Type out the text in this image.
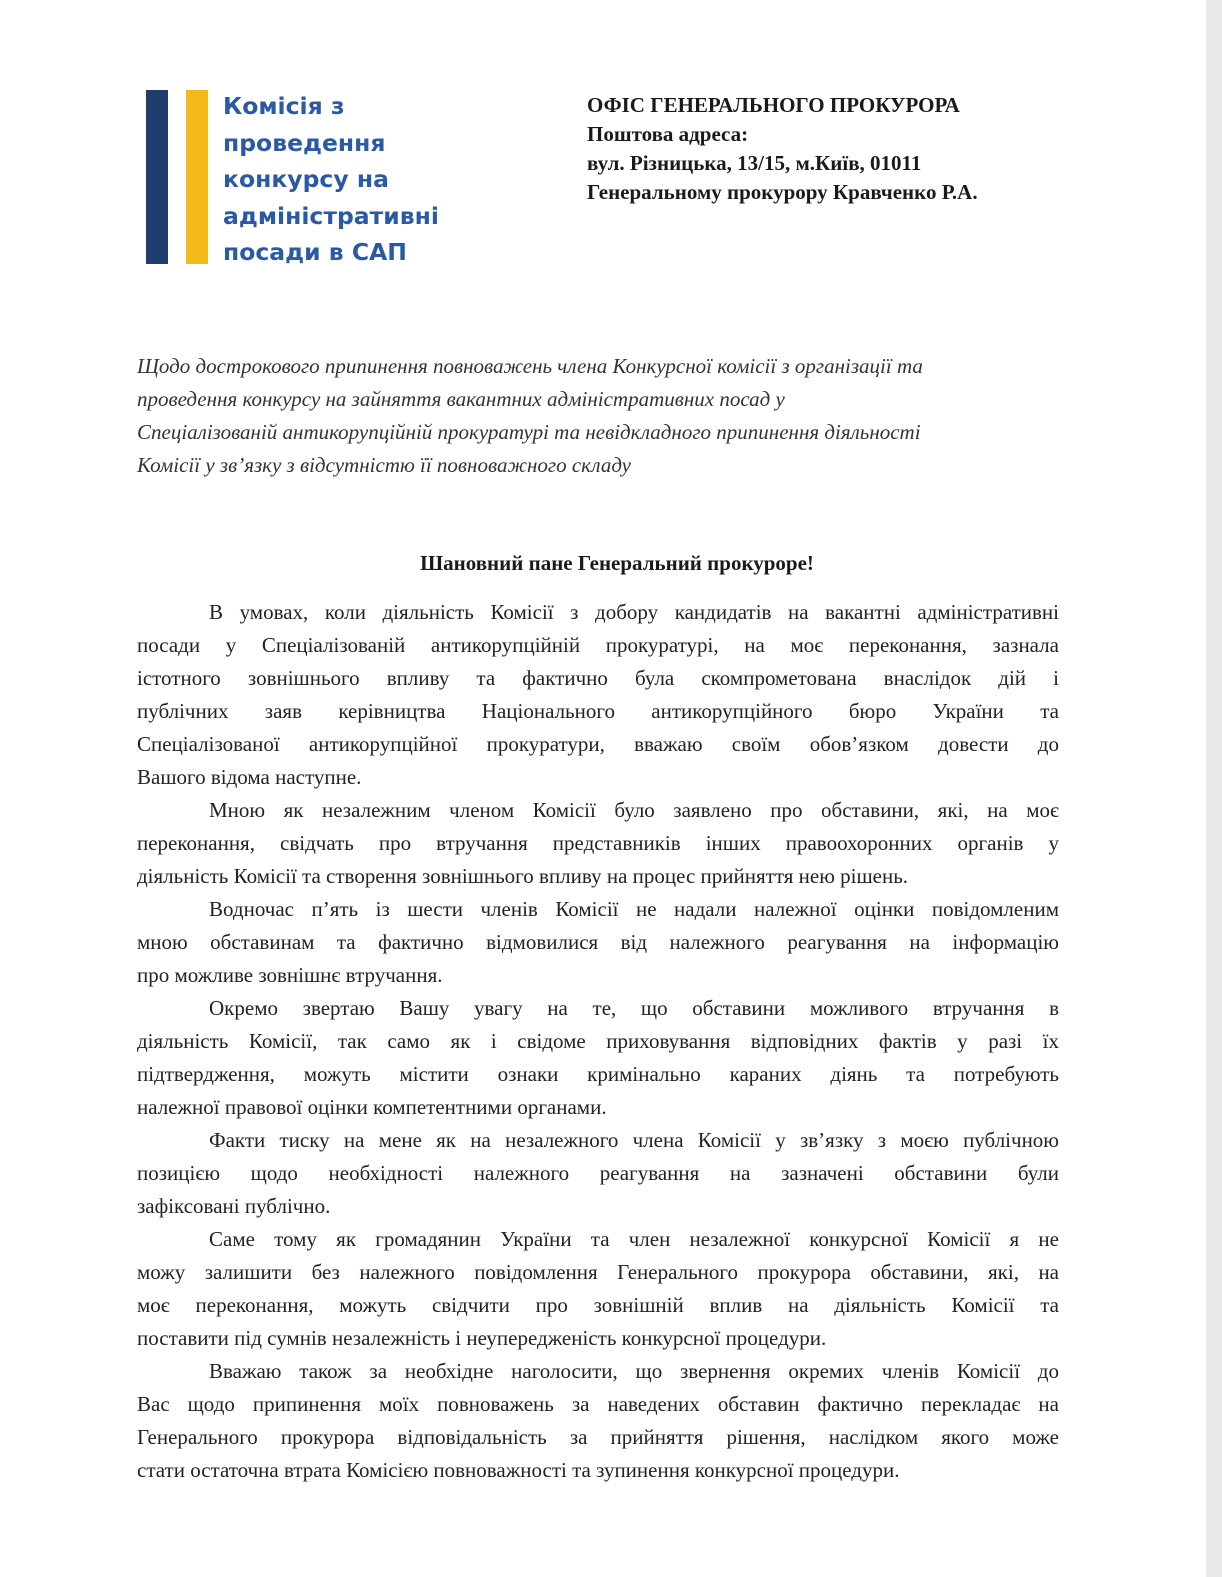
Комісія з
проведення
конкурсу на
адміністративні
посади в САП
ОФІС ГЕНЕРАЛЬНОГО ПРОКУРОРА
Поштова адреса:
вул. Різницька, 13/15, м.Київ, 01011
Генеральному прокурору Кравченко Р.А.
Щодо дострокового припинення повноважень члена Конкурсної комісії з організації та
проведення конкурсу на зайняття вакантних адміністративних посад у
Спеціалізованій антикорупційній прокуратурі та невідкладного припинення діяльності
Комісії у зв’язку з відсутністю її повноважного складу
Шановний пане Генеральний прокуроре!
В умовах, коли діяльність Комісії з добору кандидатів на вакантні адміністративні
посади у Спеціалізованій антикорупційній прокуратурі, на моє переконання, зазнала
істотного зовнішнього впливу та фактично була скомпрометована внаслідок дій і
публічних заяв керівництва Національного антикорупційного бюро України та
Спеціалізованої антикорупційної прокуратури, вважаю своїм обов’язком довести до
Вашого відома наступне.
Мною як незалежним членом Комісії було заявлено про обставини, які, на моє
переконання, свідчать про втручання представників інших правоохоронних органів у
діяльність Комісії та створення зовнішнього впливу на процес прийняття нею рішень.
Водночас п’ять із шести членів Комісії не надали належної оцінки повідомленим
мною обставинам та фактично відмовилися від належного реагування на інформацію
про можливе зовнішнє втручання.
Окремо звертаю Вашу увагу на те, що обставини можливого втручання в
діяльність Комісії, так само як і свідоме приховування відповідних фактів у разі їх
підтвердження, можуть містити ознаки кримінально караних діянь та потребують
належної правової оцінки компетентними органами.
Факти тиску на мене як на незалежного члена Комісії у зв’язку з моєю публічною
позицією щодо необхідності належного реагування на зазначені обставини були
зафіксовані публічно.
Саме тому як громадянин України та член незалежної конкурсної Комісії я не
можу залишити без належного повідомлення Генерального прокурора обставини, які, на
моє переконання, можуть свідчити про зовнішній вплив на діяльність Комісії та
поставити під сумнів незалежність і неупередженість конкурсної процедури.
Вважаю також за необхідне наголосити, що звернення окремих членів Комісії до
Вас щодо припинення моїх повноважень за наведених обставин фактично перекладає на
Генерального прокурора відповідальність за прийняття рішення, наслідком якого може
стати остаточна втрата Комісією повноважності та зупинення конкурсної процедури.
